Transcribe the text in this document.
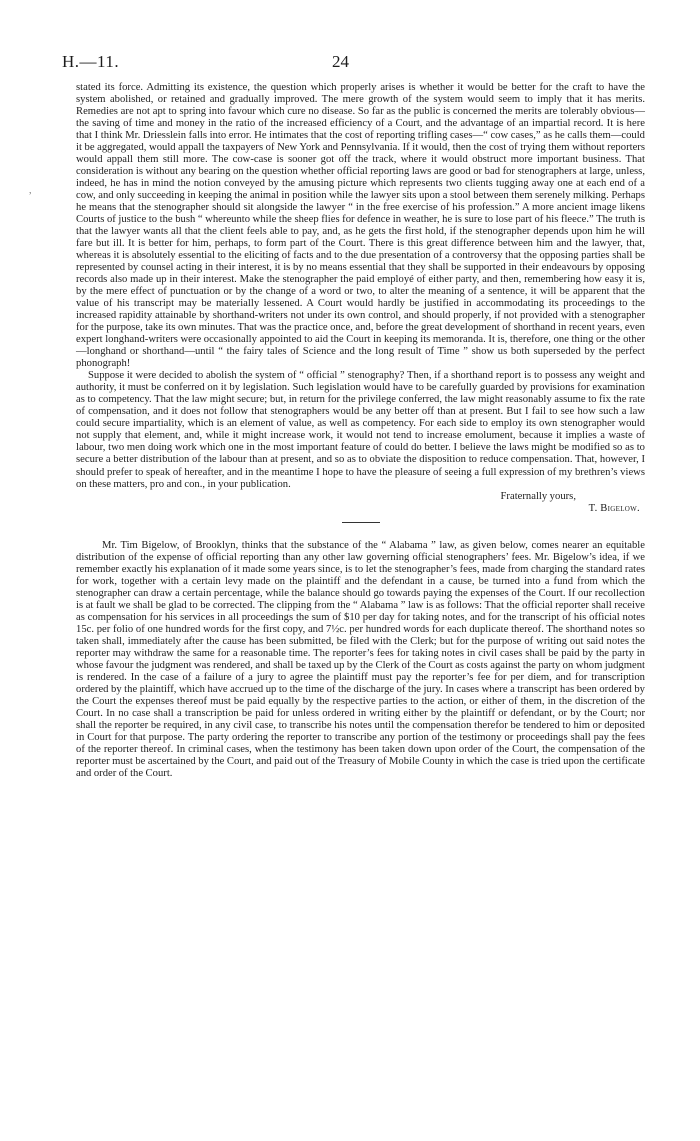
H.—11.	24
,

stated its force. Admitting its existence, the question which properly arises is whether it would be better for the craft to have the system abolished, or retained and gradually improved. The mere growth of the system would seem to imply that it has merits. Remedies are not apt to spring into favour which cure no disease. So far as the public is concerned the merits are tolerably obvious—the saving of time and money in the ratio of the increased efficiency of a Court, and the advantage of an impartial record. It is here that I think Mr. Driesslein falls into error. He intimates that the cost of reporting trifling cases—“ cow cases,” as he calls them—could it be aggregated, would appall the taxpayers of New York and Pennsylvania. If it would, then the cost of trying them without reporters would appall them still more. The cow-case is sooner got off the track, where it would obstruct more important business. That consideration is without any bearing on the question whether official reporting laws are good or bad for stenographers at large, unless, indeed, he has in mind the notion conveyed by the amusing picture which represents two clients tugging away one at each end of a cow, and only succeeding in keeping the animal in position while the lawyer sits upon a stool between them serenely milking. Perhaps he means that the stenographer should sit alongside the lawyer “ in the free exercise of his profession.” A more ancient image likens Courts of justice to the bush “ whereunto while the sheep flies for defence in weather, he is sure to lose part of his fleece.” The truth is that the lawyer wants all that the client feels able to pay, and, as he gets the first hold, if the stenographer depends upon him he will fare but ill. It is better for him, perhaps, to form part of the Court. There is this great difference between him and the lawyer, that, whereas it is absolutely essential to the eliciting of facts and to the due presentation of a controversy that the opposing parties shall be represented by counsel acting in their interest, it is by no means essential that they shall be supported in their endeavours by opposing records also made up in their interest. Make the stenographer the paid employé of either party, and then, remembering how easy it is, by the mere effect of punctuation or by the change of a word or two, to alter the meaning of a sentence, it will be apparent that the value of his transcript may be materially lessened. A Court would hardly be justified in accommodating its proceedings to the increased rapidity attainable by shorthand-writers not under its own control, and should properly, if not provided with a stenographer for the purpose, take its own minutes. That was the practice once, and, before the great development of shorthand in recent years, even expert longhand-writers were occasionally appointed to aid the Court in keeping its memoranda. It is, therefore, one thing or the other—longhand or shorthand—until “ the fairy tales of Science and the long result of Time ” show us both superseded by the perfect phonograph!

Suppose it were decided to abolish the system of “ official ” stenography? Then, if a shorthand report is to possess any weight and authority, it must be conferred on it by legislation. Such legislation would have to be carefully guarded by provisions for examination as to competency. That the law might secure; but, in return for the privilege conferred, the law might reasonably assume to fix the rate of compensation, and it does not follow that stenographers would be any better off than at present. But I fail to see how such a law could secure impartiality, which is an element of value, as well as competency. For each side to employ its own stenographer would not supply that element, and, while it might increase work, it would not tend to increase emolument, because it implies a waste of labour, two men doing work which one in the most important feature of could do better. I believe the laws might be modified so as to secure a better distribution of the labour than at present, and so as to obviate the disposition to reduce compensation. That, however, I should prefer to speak of hereafter, and in the meantime I hope to have the pleasure of seeing a full expression of my brethren’s views on these matters, pro and con., in your publication.

Fraternally yours,

T. Bigelow.

Mr. Tim Bigelow, of Brooklyn, thinks that the substance of the “ Alabama ” law, as given below, comes nearer an equitable distribution of the expense of official reporting than any other law governing official stenographers’ fees. Mr. Bigelow’s idea, if we remember exactly his explanation of it made some years since, is to let the stenographer’s fees, made from charging the standard rates for work, together with a certain levy made on the plaintiff and the defendant in a cause, be turned into a fund from which the stenographer can draw a certain percentage, while the balance should go towards paying the expenses of the Court. If our recollection is at fault we shall be glad to be corrected. The clipping from the “ Alabama ” law is as follows: That the official reporter shall receive as compensation for his services in all proceedings the sum of $10 per day for taking notes, and for the transcript of his official notes 15c. per folio of one hundred words for the first copy, and 7½c. per hundred words for each duplicate thereof. The shorthand notes so taken shall, immediately after the cause has been submitted, be filed with the Clerk; but for the purpose of writing out said notes the reporter may withdraw the same for a reasonable time. The reporter’s fees for taking notes in civil cases shall be paid by the party in whose favour the judgment was rendered, and shall be taxed up by the Clerk of the Court as costs against the party on whom judgment is rendered. In the case of a failure of a jury to agree the plaintiff must pay the reporter’s fee for per diem, and for transcription ordered by the plaintiff, which have accrued up to the time of the discharge of the jury. In cases where a transcript has been ordered by the Court the expenses thereof must be paid equally by the respective parties to the action, or either of them, in the discretion of the Court. In no case shall a transcription be paid for unless ordered in writing either by the plaintiff or defendant, or by the Court; nor shall the reporter be required, in any civil case, to transcribe his notes until the compensation therefor be tendered to him or deposited in Court for that purpose. The party ordering the reporter to transcribe any portion of the testimony or proceedings shall pay the fees of the reporter thereof. In criminal cases, when the testimony has been taken down upon order of the Court, the compensation of the reporter must be ascertained by the Court, and paid out of the Treasury of Mobile County in which the case is tried upon the certificate and order of the Court.
